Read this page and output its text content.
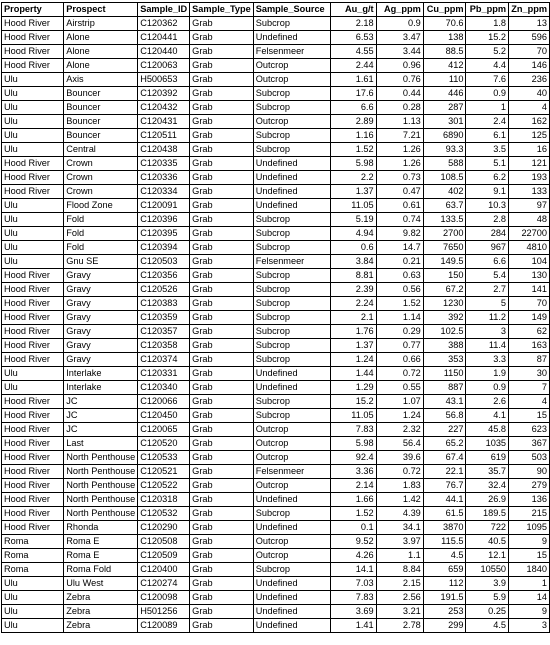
Property	Prospect	Sample_ID	Sample_Type	Sample_Source	Au_g/t	Ag_ppm	Cu_ppm	Pb_ppm	Zn_ppm
Hood River	Airstrip	C120362	Grab	Subcrop	2.18	0.9	70.6	1.8	13
Hood River	Alone	C120441	Grab	Undefined	6.53	3.47	138	15.2	596
Hood River	Alone	C120440	Grab	Felsenmeer	4.55	3.44	88.5	5.2	70
Hood River	Alone	C120063	Grab	Outcrop	2.44	0.96	412	4.4	146
Ulu	Axis	H500653	Grab	Outcrop	1.61	0.76	110	7.6	236
Ulu	Bouncer	C120392	Grab	Subcrop	17.6	0.44	446	0.9	40
Ulu	Bouncer	C120432	Grab	Subcrop	6.6	0.28	287	1	4
Ulu	Bouncer	C120431	Grab	Outcrop	2.89	1.13	301	2.4	162
Ulu	Bouncer	C120511	Grab	Subcrop	1.16	7.21	6890	6.1	125
Ulu	Central	C120438	Grab	Subcrop	1.52	1.26	93.3	3.5	16
Hood River	Crown	C120335	Grab	Undefined	5.98	1.26	588	5.1	121
Hood River	Crown	C120336	Grab	Undefined	2.2	0.73	108.5	6.2	193
Hood River	Crown	C120334	Grab	Undefined	1.37	0.47	402	9.1	133
Ulu	Flood Zone	C120091	Grab	Undefined	11.05	0.61	63.7	10.3	97
Ulu	Fold	C120396	Grab	Subcrop	5.19	0.74	133.5	2.8	48
Ulu	Fold	C120395	Grab	Subcrop	4.94	9.82	2700	284	22700
Ulu	Fold	C120394	Grab	Subcrop	0.6	14.7	7650	967	4810
Ulu	Gnu SE	C120503	Grab	Felsenmeer	3.84	0.21	149.5	6.6	104
Hood River	Gravy	C120356	Grab	Subcrop	8.81	0.63	150	5.4	130
Hood River	Gravy	C120526	Grab	Subcrop	2.39	0.56	67.2	2.7	141
Hood River	Gravy	C120383	Grab	Subcrop	2.24	1.52	1230	5	70
Hood River	Gravy	C120359	Grab	Subcrop	2.1	1.14	392	11.2	149
Hood River	Gravy	C120357	Grab	Subcrop	1.76	0.29	102.5	3	62
Hood River	Gravy	C120358	Grab	Subcrop	1.37	0.77	388	11.4	163
Hood River	Gravy	C120374	Grab	Subcrop	1.24	0.66	353	3.3	87
Ulu	Interlake	C120331	Grab	Undefined	1.44	0.72	1150	1.9	30
Ulu	Interlake	C120340	Grab	Undefined	1.29	0.55	887	0.9	7
Hood River	JC	C120066	Grab	Subcrop	15.2	1.07	43.1	2.6	4
Hood River	JC	C120450	Grab	Subcrop	11.05	1.24	56.8	4.1	15
Hood River	JC	C120065	Grab	Outcrop	7.83	2.32	227	45.8	623
Hood River	Last	C120520	Grab	Outcrop	5.98	56.4	65.2	1035	367
Hood River	North Penthouse	C120533	Grab	Outcrop	92.4	39.6	67.4	619	503
Hood River	North Penthouse	C120521	Grab	Felsenmeer	3.36	0.72	22.1	35.7	90
Hood River	North Penthouse	C120522	Grab	Outcrop	2.14	1.83	76.7	32.4	279
Hood River	North Penthouse	C120318	Grab	Undefined	1.66	1.42	44.1	26.9	136
Hood River	North Penthouse	C120532	Grab	Subcrop	1.52	4.39	61.5	189.5	215
Hood River	Rhonda	C120290	Grab	Undefined	0.1	34.1	3870	722	1095
Roma	Roma E	C120508	Grab	Outcrop	9.52	3.97	115.5	40.5	9
Roma	Roma E	C120509	Grab	Outcrop	4.26	1.1	4.5	12.1	15
Roma	Roma Fold	C120400	Grab	Subcrop	14.1	8.84	659	10550	1840
Ulu	Ulu West	C120274	Grab	Undefined	7.03	2.15	112	3.9	1
Ulu	Zebra	C120098	Grab	Undefined	7.83	2.56	191.5	5.9	14
Ulu	Zebra	H501256	Grab	Undefined	3.69	3.21	253	0.25	9
Ulu	Zebra	C120089	Grab	Undefined	1.41	2.78	299	4.5	3
